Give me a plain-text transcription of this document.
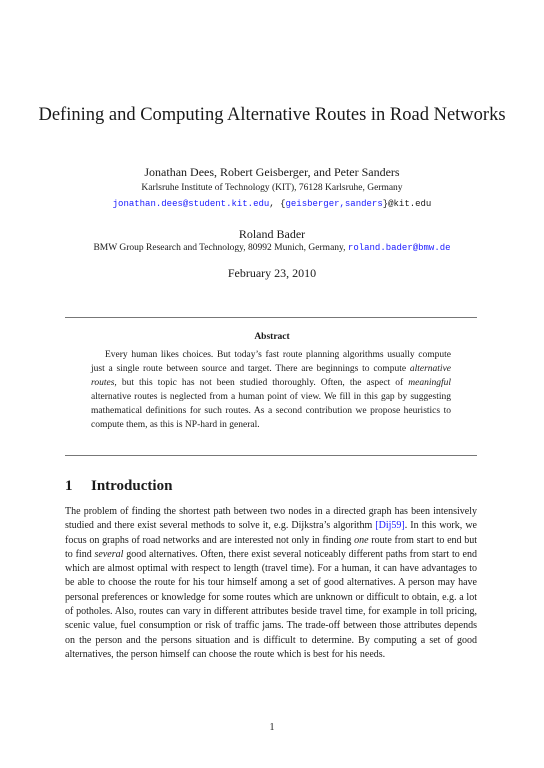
Defining and Computing Alternative Routes in Road Networks
Jonathan Dees, Robert Geisberger, and Peter Sanders
Karlsruhe Institute of Technology (KIT), 76128 Karlsruhe, Germany
jonathan.dees@student.kit.edu, {geisberger,sanders}@kit.edu
Roland Bader
BMW Group Research and Technology, 80992 Munich, Germany, roland.bader@bmw.de
February 23, 2010
Abstract

Every human likes choices. But today’s fast route planning algorithms usually compute just a single route between source and target. There are beginnings to compute alternative routes, but this topic has not been studied thoroughly. Often, the aspect of meaningful alternative routes is neglected from a human point of view. We fill in this gap by suggesting mathematical definitions for such routes. As a second contribution we propose heuristics to compute them, as this is NP-hard in general.

1 Introduction

The problem of finding the shortest path between two nodes in a directed graph has been intensively studied and there exist several methods to solve it, e.g. Dijkstra’s algorithm [Dij59]. In this work, we focus on graphs of road networks and are interested not only in finding one route from start to end but to find several good alternatives. Often, there exist several noticeably different paths from start to end which are almost optimal with respect to length (travel time). For a human, it can have advantages to be able to choose the route for his tour himself among a set of good alternatives. A person may have personal preferences or knowledge for some routes which are unknown or difficult to obtain, e.g. a lot of potholes. Also, routes can vary in different attributes beside travel time, for example in toll pricing, scenic value, fuel consumption or risk of traffic jams. The trade-off between those attributes depends on the person and the persons situation and is difficult to determine. By computing a set of good alternatives, the person himself can choose the route which is best for his needs.

1
